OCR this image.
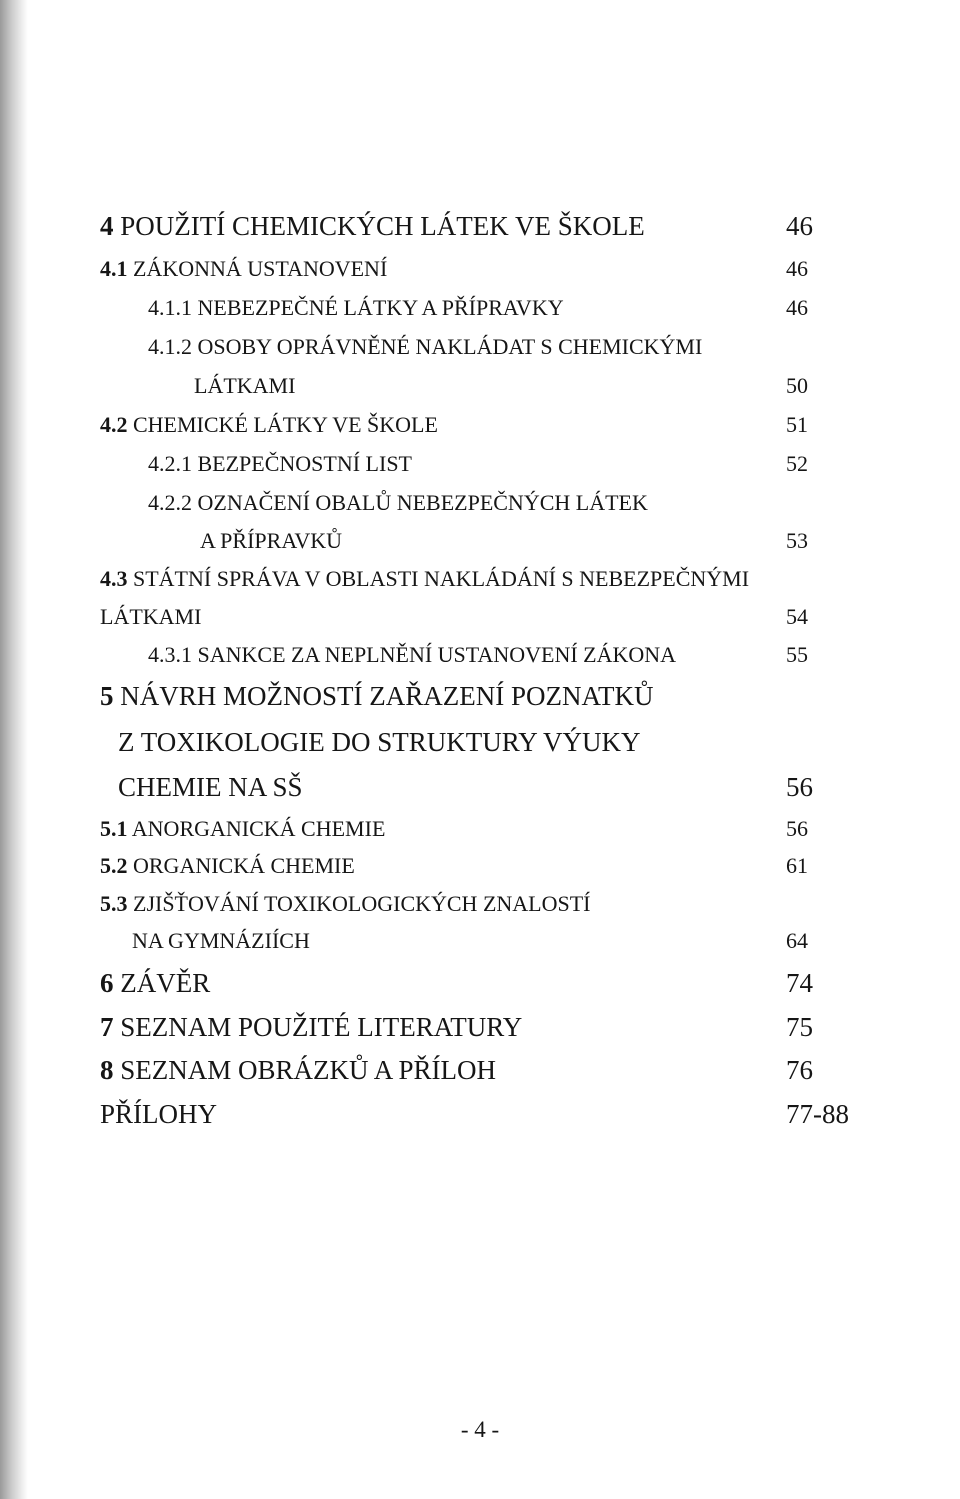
4 POUŽITÍ CHEMICKÝCH LÁTEK VE ŠKOLE	46
4.1 ZÁKONNÁ USTANOVENÍ	46
4.1.1 NEBEZPEČNÉ LÁTKY A PŘÍPRAVKY	46
4.1.2 OSOBY OPRÁVNĚNÉ NAKLÁDAT S CHEMICKÝMI
LÁTKAMI	50
4.2 CHEMICKÉ LÁTKY VE ŠKOLE	51
4.2.1 BEZPEČNOSTNÍ LIST	52
4.2.2 OZNAČENÍ OBALŮ NEBEZPEČNÝCH LÁTEK
A PŘÍPRAVKŮ	53
4.3 STÁTNÍ SPRÁVA V OBLASTI NAKLÁDÁNÍ S NEBEZPEČNÝMI
LÁTKAMI	54
4.3.1 SANKCE ZA NEPLNĚNÍ USTANOVENÍ ZÁKONA	55
5 NÁVRH MOŽNOSTÍ ZAŘAZENÍ POZNATKŮ
Z TOXIKOLOGIE DO STRUKTURY VÝUKY
CHEMIE NA SŠ	56
5.1 ANORGANICKÁ CHEMIE	56
5.2 ORGANICKÁ CHEMIE	61
5.3 ZJIŠŤOVÁNÍ TOXIKOLOGICKÝCH ZNALOSTÍ
NA GYMNÁZIÍCH	64
6 ZÁVĚR	74
7 SEZNAM POUŽITÉ LITERATURY	75
8 SEZNAM OBRÁZKŮ A PŘÍLOH	76
PŘÍLOHY	77-88
- 4 -
